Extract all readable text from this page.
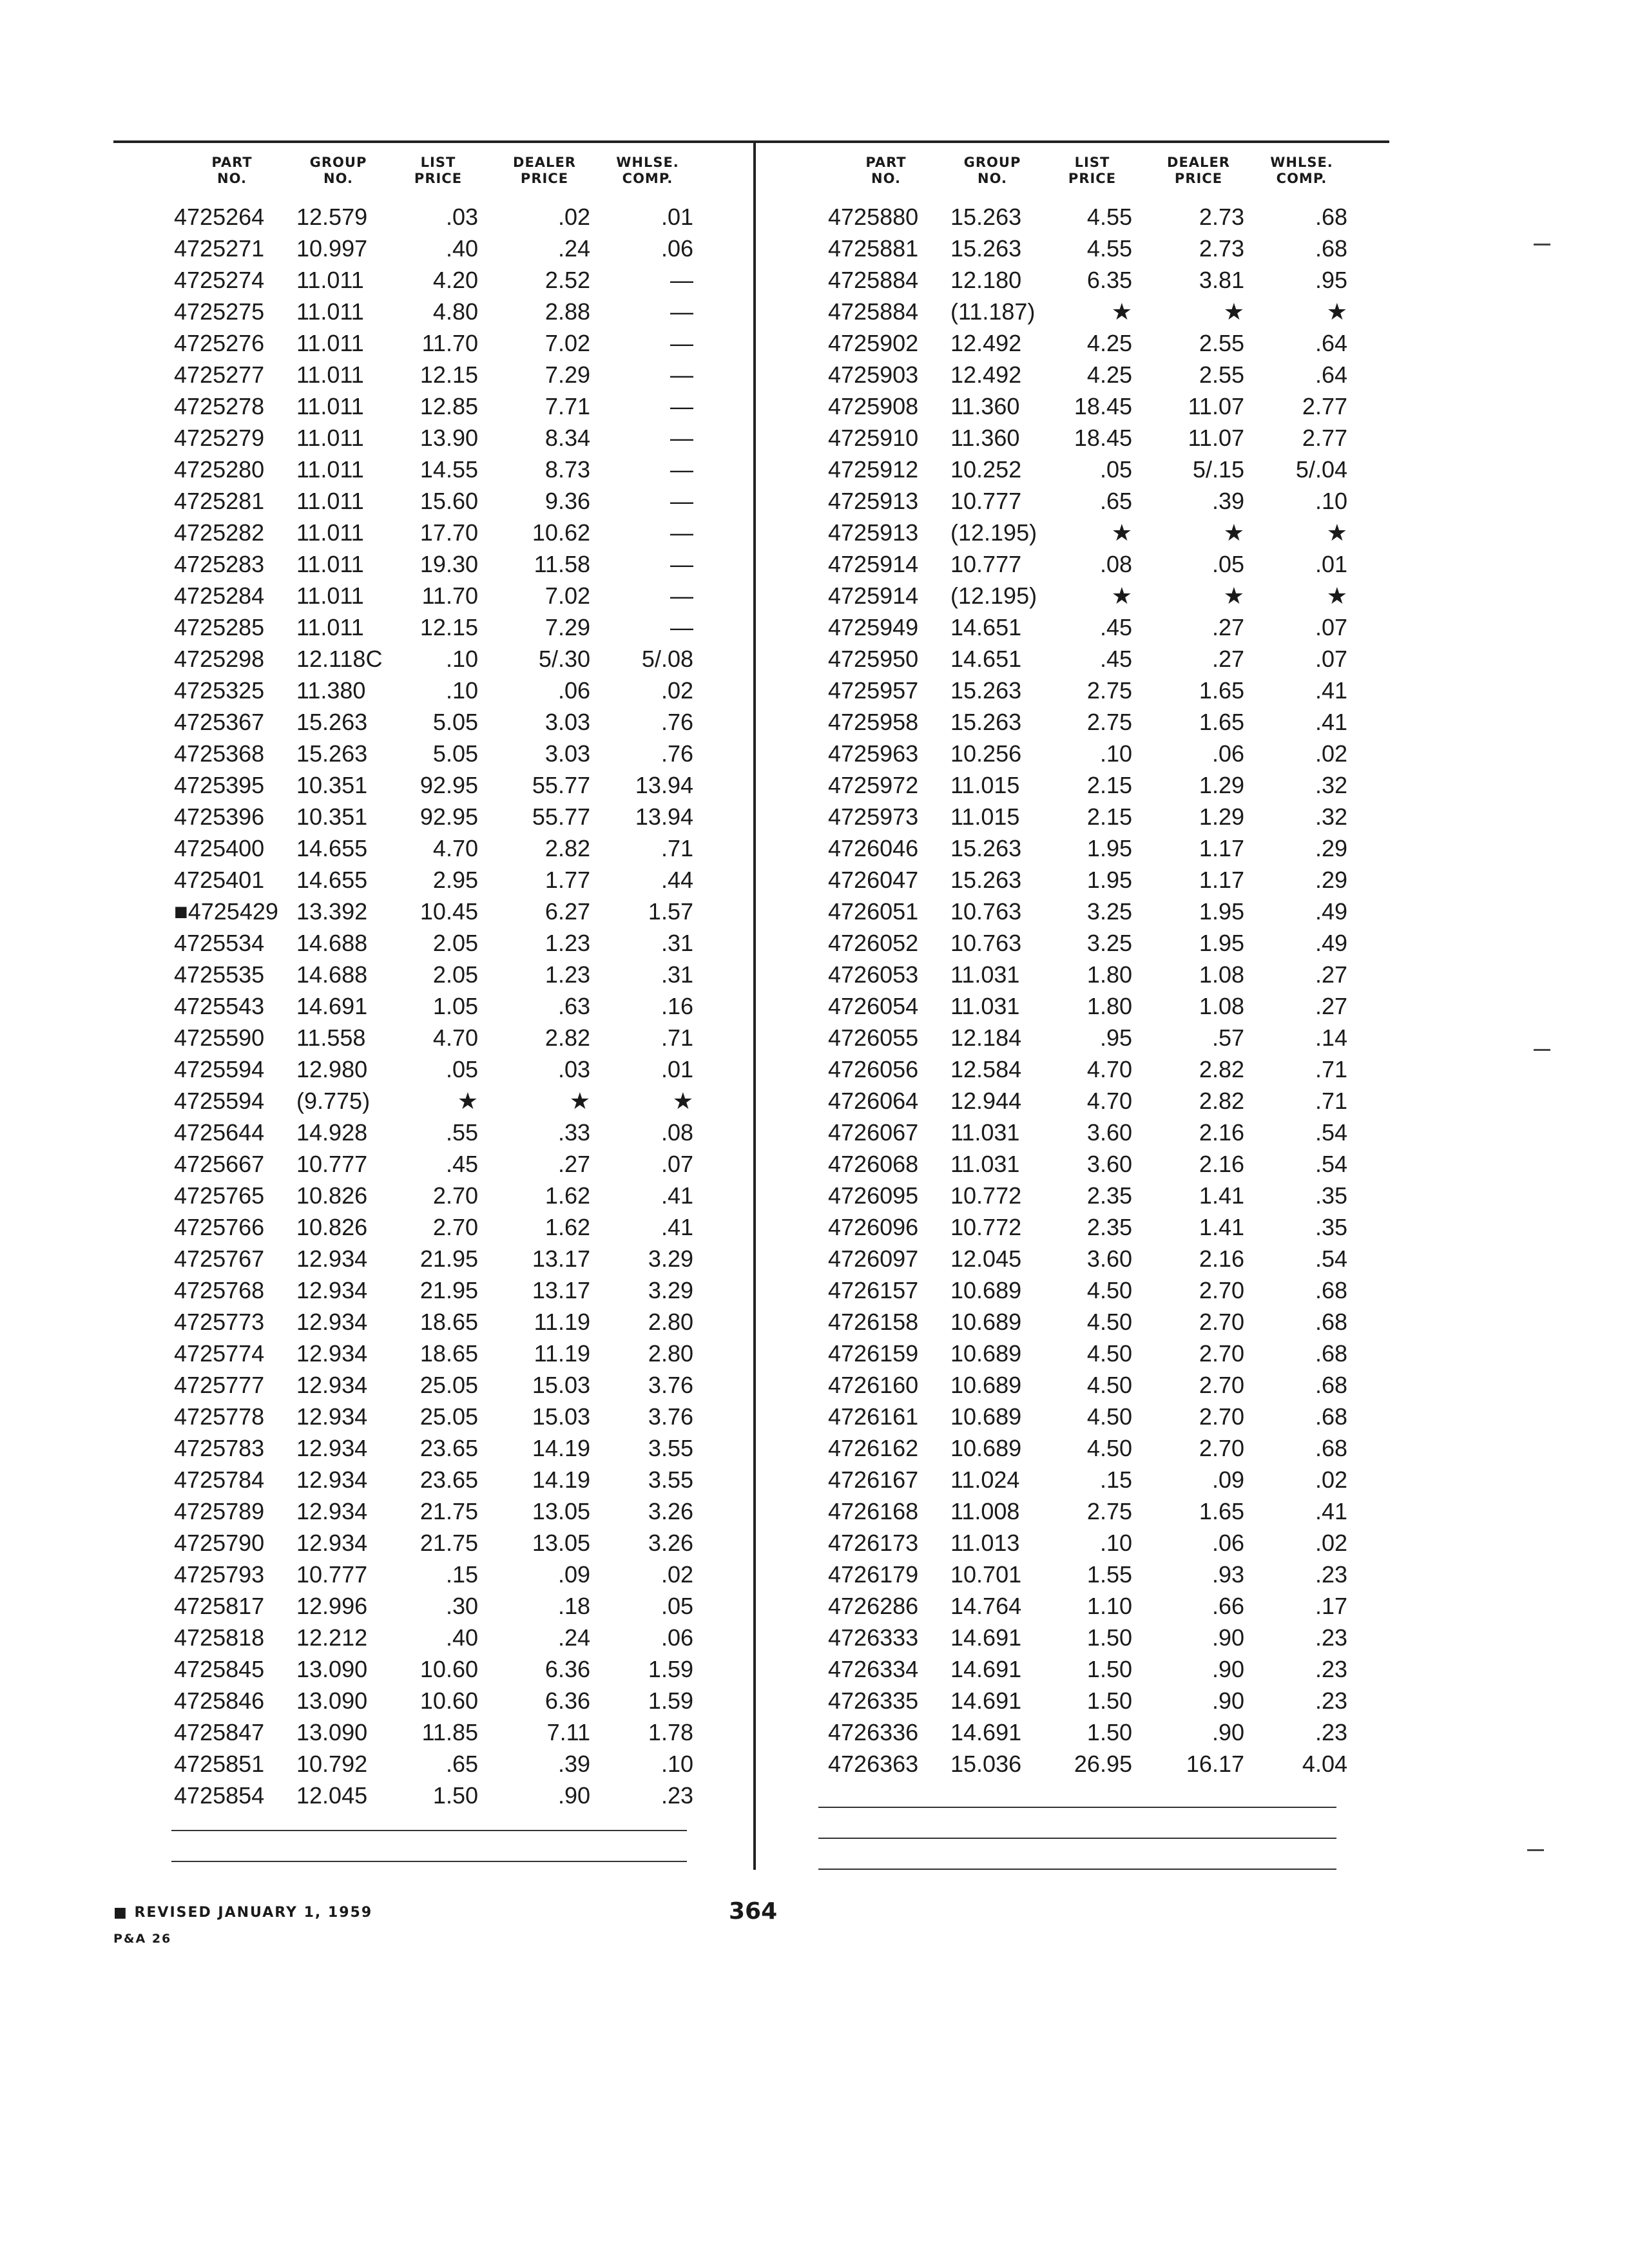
PART
NO.
GROUP
NO.
LIST
PRICE
DEALER
PRICE
WHLSE.
COMP.
4725264	12.579	.03	.02	.01
4725271	10.997	.40	.24	.06
4725274	11.011	4.20	2.52	—
4725275	11.011	4.80	2.88	—
4725276	11.011	11.70	7.02	—
4725277	11.011	12.15	7.29	—
4725278	11.011	12.85	7.71	—
4725279	11.011	13.90	8.34	—
4725280	11.011	14.55	8.73	—
4725281	11.011	15.60	9.36	—
4725282	11.011	17.70	10.62	—
4725283	11.011	19.30	11.58	—
4725284	11.011	11.70	7.02	—
4725285	11.011	12.15	7.29	—
4725298	12.118C	.10	5/.30	5/.08
4725325	11.380	.10	.06	.02
4725367	15.263	5.05	3.03	.76
4725368	15.263	5.05	3.03	.76
4725395	10.351	92.95	55.77	13.94
4725396	10.351	92.95	55.77	13.94
4725400	14.655	4.70	2.82	.71
4725401	14.655	2.95	1.77	.44
■4725429 13.392	10.45	6.27	1.57
4725534	14.688	2.05	1.23	.31
4725535	14.688	2.05	1.23	.31
4725543	14.691	1.05	.63	.16
4725590	11.558	4.70	2.82	.71
4725594	12.980	.05	.03	.01
4725594	(9.775)	★	★	★
4725644	14.928	.55	.33	.08
4725667	10.777	.45	.27	.07
4725765	10.826	2.70	1.62	.41
4725766	10.826	2.70	1.62	.41
4725767	12.934	21.95	13.17	3.29
4725768	12.934	21.95	13.17	3.29
4725773	12.934	18.65	11.19	2.80
4725774	12.934	18.65	11.19	2.80
4725777	12.934	25.05	15.03	3.76
4725778	12.934	25.05	15.03	3.76
4725783	12.934	23.65	14.19	3.55
4725784	12.934	23.65	14.19	3.55
4725789	12.934	21.75	13.05	3.26
4725790	12.934	21.75	13.05	3.26
4725793	10.777	.15	.09	.02
4725817	12.996	.30	.18	.05
4725818	12.212	.40	.24	.06
4725845	13.090	10.60	6.36	1.59
4725846	13.090	10.60	6.36	1.59
4725847	13.090	11.85	7.11	1.78
4725851	10.792	.65	.39	.10
4725854	12.045	1.50	.90	.23
PART
NO.
GROUP
NO.
LIST
PRICE
DEALER
PRICE
WHLSE.
COMP.
4725880	15.263	4.55	2.73	.68
4725881	15.263	4.55	2.73	.68
4725884	12.180	6.35	3.81	.95
4725884	(11.187)	★	★	★
4725902	12.492	4.25	2.55	.64
4725903	12.492	4.25	2.55	.64
4725908	11.360	18.45	11.07	2.77
4725910	11.360	18.45	11.07	2.77
4725912	10.252	.05	5/.15	5/.04
4725913	10.777	.65	.39	.10
4725913	(12.195)	★	★	★
4725914	10.777	.08	.05	.01
4725914	(12.195)	★	★	★
4725949	14.651	.45	.27	.07
4725950	14.651	.45	.27	.07
4725957	15.263	2.75	1.65	.41
4725958	15.263	2.75	1.65	.41
4725963	10.256	.10	.06	.02
4725972	11.015	2.15	1.29	.32
4725973	11.015	2.15	1.29	.32
4726046	15.263	1.95	1.17	.29
4726047	15.263	1.95	1.17	.29
4726051	10.763	3.25	1.95	.49
4726052	10.763	3.25	1.95	.49
4726053	11.031	1.80	1.08	.27
4726054	11.031	1.80	1.08	.27
4726055	12.184	.95	.57	.14
4726056	12.584	4.70	2.82	.71
4726064	12.944	4.70	2.82	.71
4726067	11.031	3.60	2.16	.54
4726068	11.031	3.60	2.16	.54
4726095	10.772	2.35	1.41	.35
4726096	10.772	2.35	1.41	.35
4726097	12.045	3.60	2.16	.54
4726157	10.689	4.50	2.70	.68
4726158	10.689	4.50	2.70	.68
4726159	10.689	4.50	2.70	.68
4726160	10.689	4.50	2.70	.68
4726161	10.689	4.50	2.70	.68
4726162	10.689	4.50	2.70	.68
4726167	11.024	.15	.09	.02
4726168	11.008	2.75	1.65	.41
4726173	11.013	.10	.06	.02
4726179	10.701	1.55	.93	.23
4726286	14.764	1.10	.66	.17
4726333	14.691	1.50	.90	.23
4726334	14.691	1.50	.90	.23
4726335	14.691	1.50	.90	.23
4726336	14.691	1.50	.90	.23
4726363	15.036	26.95	16.17	4.04
■ REVISED JANUARY 1, 1959
P&A 26
364
